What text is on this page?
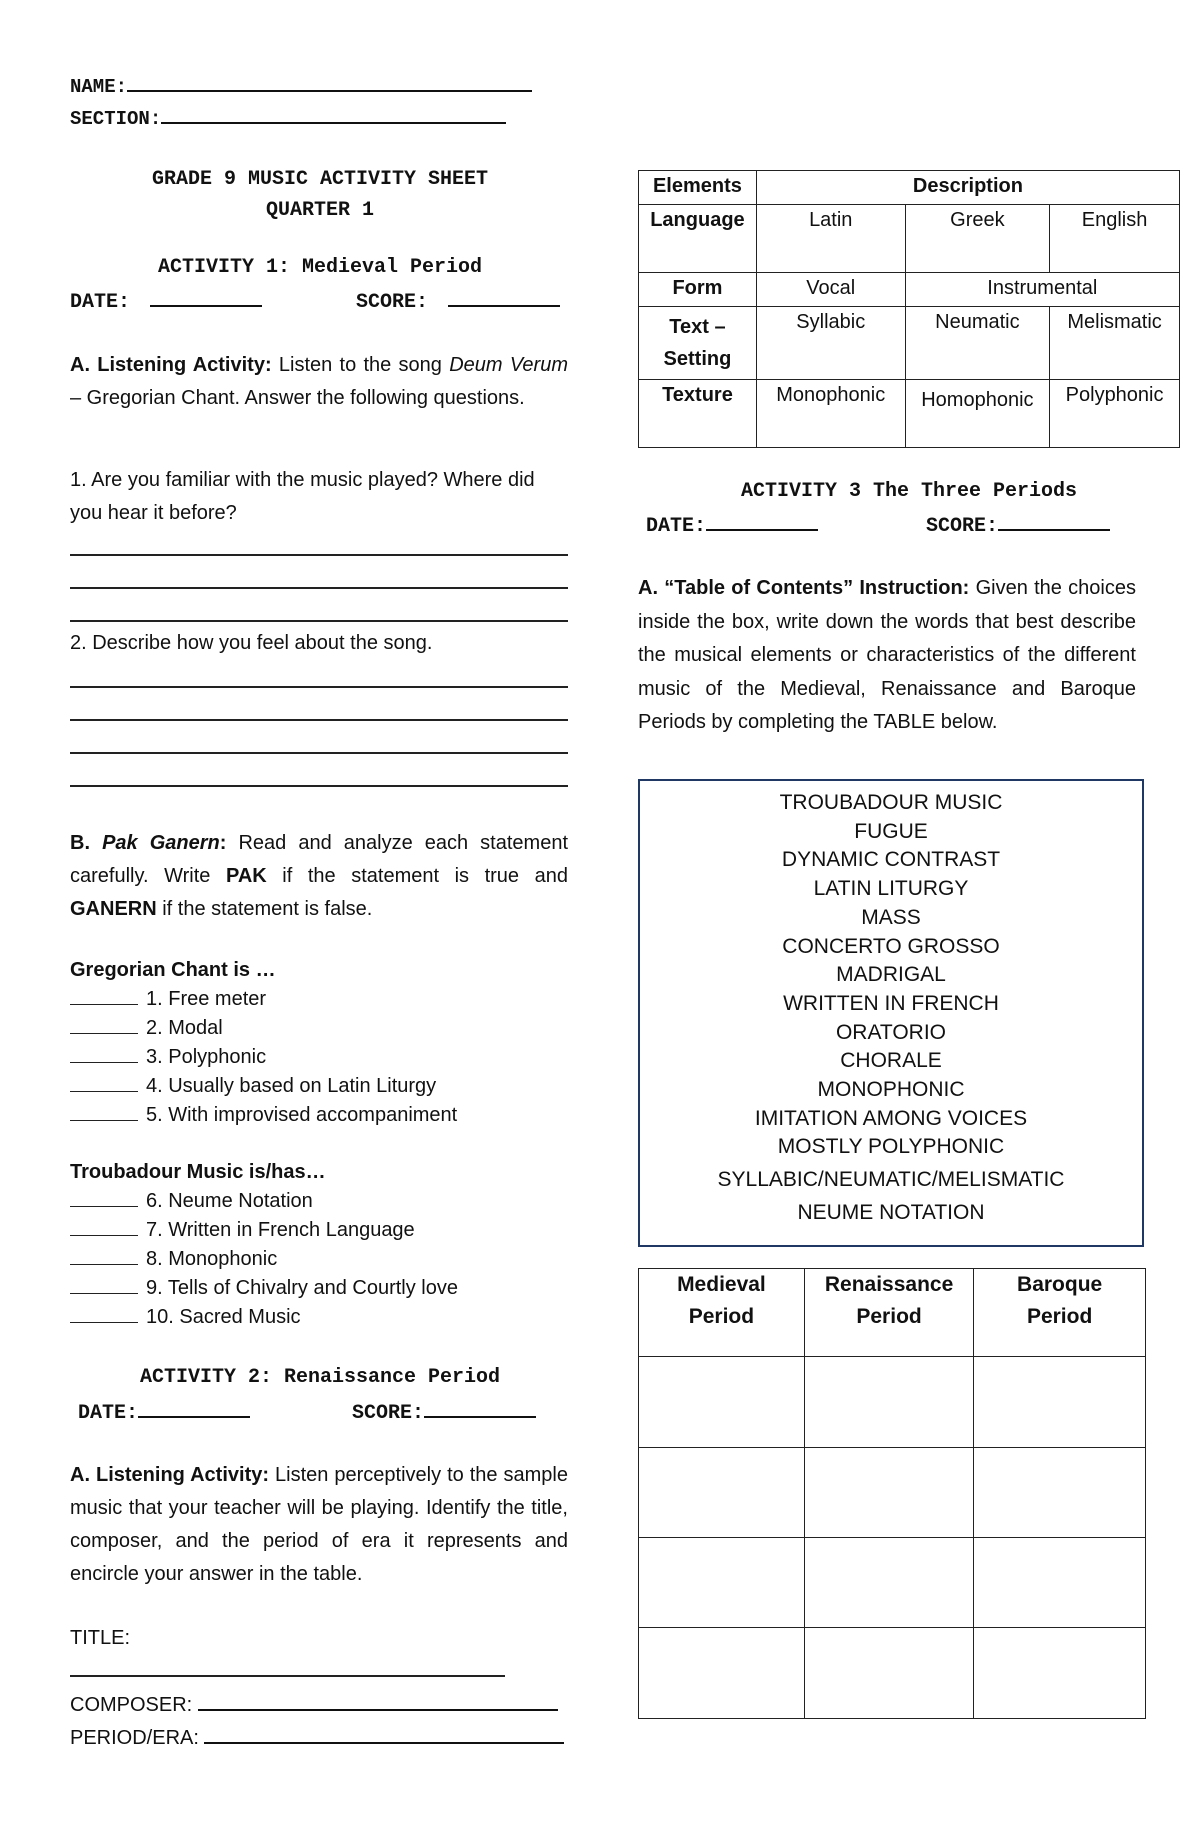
NAME:
SECTION:
GRADE 9 MUSIC ACTIVITY SHEET
QUARTER 1
ACTIVITY 1: Medieval Period
DATE:	SCORE:
A. Listening Activity: Listen to the song Deum Verum – Gregorian Chant. Answer the following questions.
1. Are you familiar with the music played? Where did you hear it before?
2. Describe how you feel about the song.
B. Pak Ganern: Read and analyze each statement carefully. Write PAK if the statement is true and GANERN if the statement is false.
Gregorian Chant is …
1. Free meter
2. Modal
3. Polyphonic
4. Usually based on Latin Liturgy
5. With improvised accompaniment
Troubadour Music is/has…
6. Neume Notation
7. Written in French Language
8. Monophonic
9. Tells of Chivalry and Courtly love
10. Sacred Music
ACTIVITY 2: Renaissance Period
DATE:	SCORE:
A. Listening Activity: Listen perceptively to the sample music that your teacher will be playing. Identify the title, composer, and the period of era it represents and encircle your answer in the table.
TITLE:
COMPOSER:
PERIOD/ERA:
Elements	Description		
Language	Latin	Greek	English
Form	Vocal	Instrumental	
Text – Setting	Syllabic	Neumatic	Melismatic
Texture	Monophonic	Homophonic	Polyphonic
ACTIVITY 3 The Three Periods
DATE:	SCORE:
A. “Table of Contents” Instruction: Given the choices inside the box, write down the words that best describe the musical elements or characteristics of the different music of the Medieval, Renaissance and Baroque Periods by completing the TABLE below.
TROUBADOUR MUSIC
FUGUE
DYNAMIC CONTRAST
LATIN LITURGY
MASS
CONCERTO GROSSO
MADRIGAL
WRITTEN IN FRENCH
ORATORIO
CHORALE
MONOPHONIC
IMITATION AMONG VOICES
MOSTLY POLYPHONIC
SYLLABIC/NEUMATIC/MELISMATIC
NEUME NOTATION
Medieval Period	Renaissance Period	Baroque Period
